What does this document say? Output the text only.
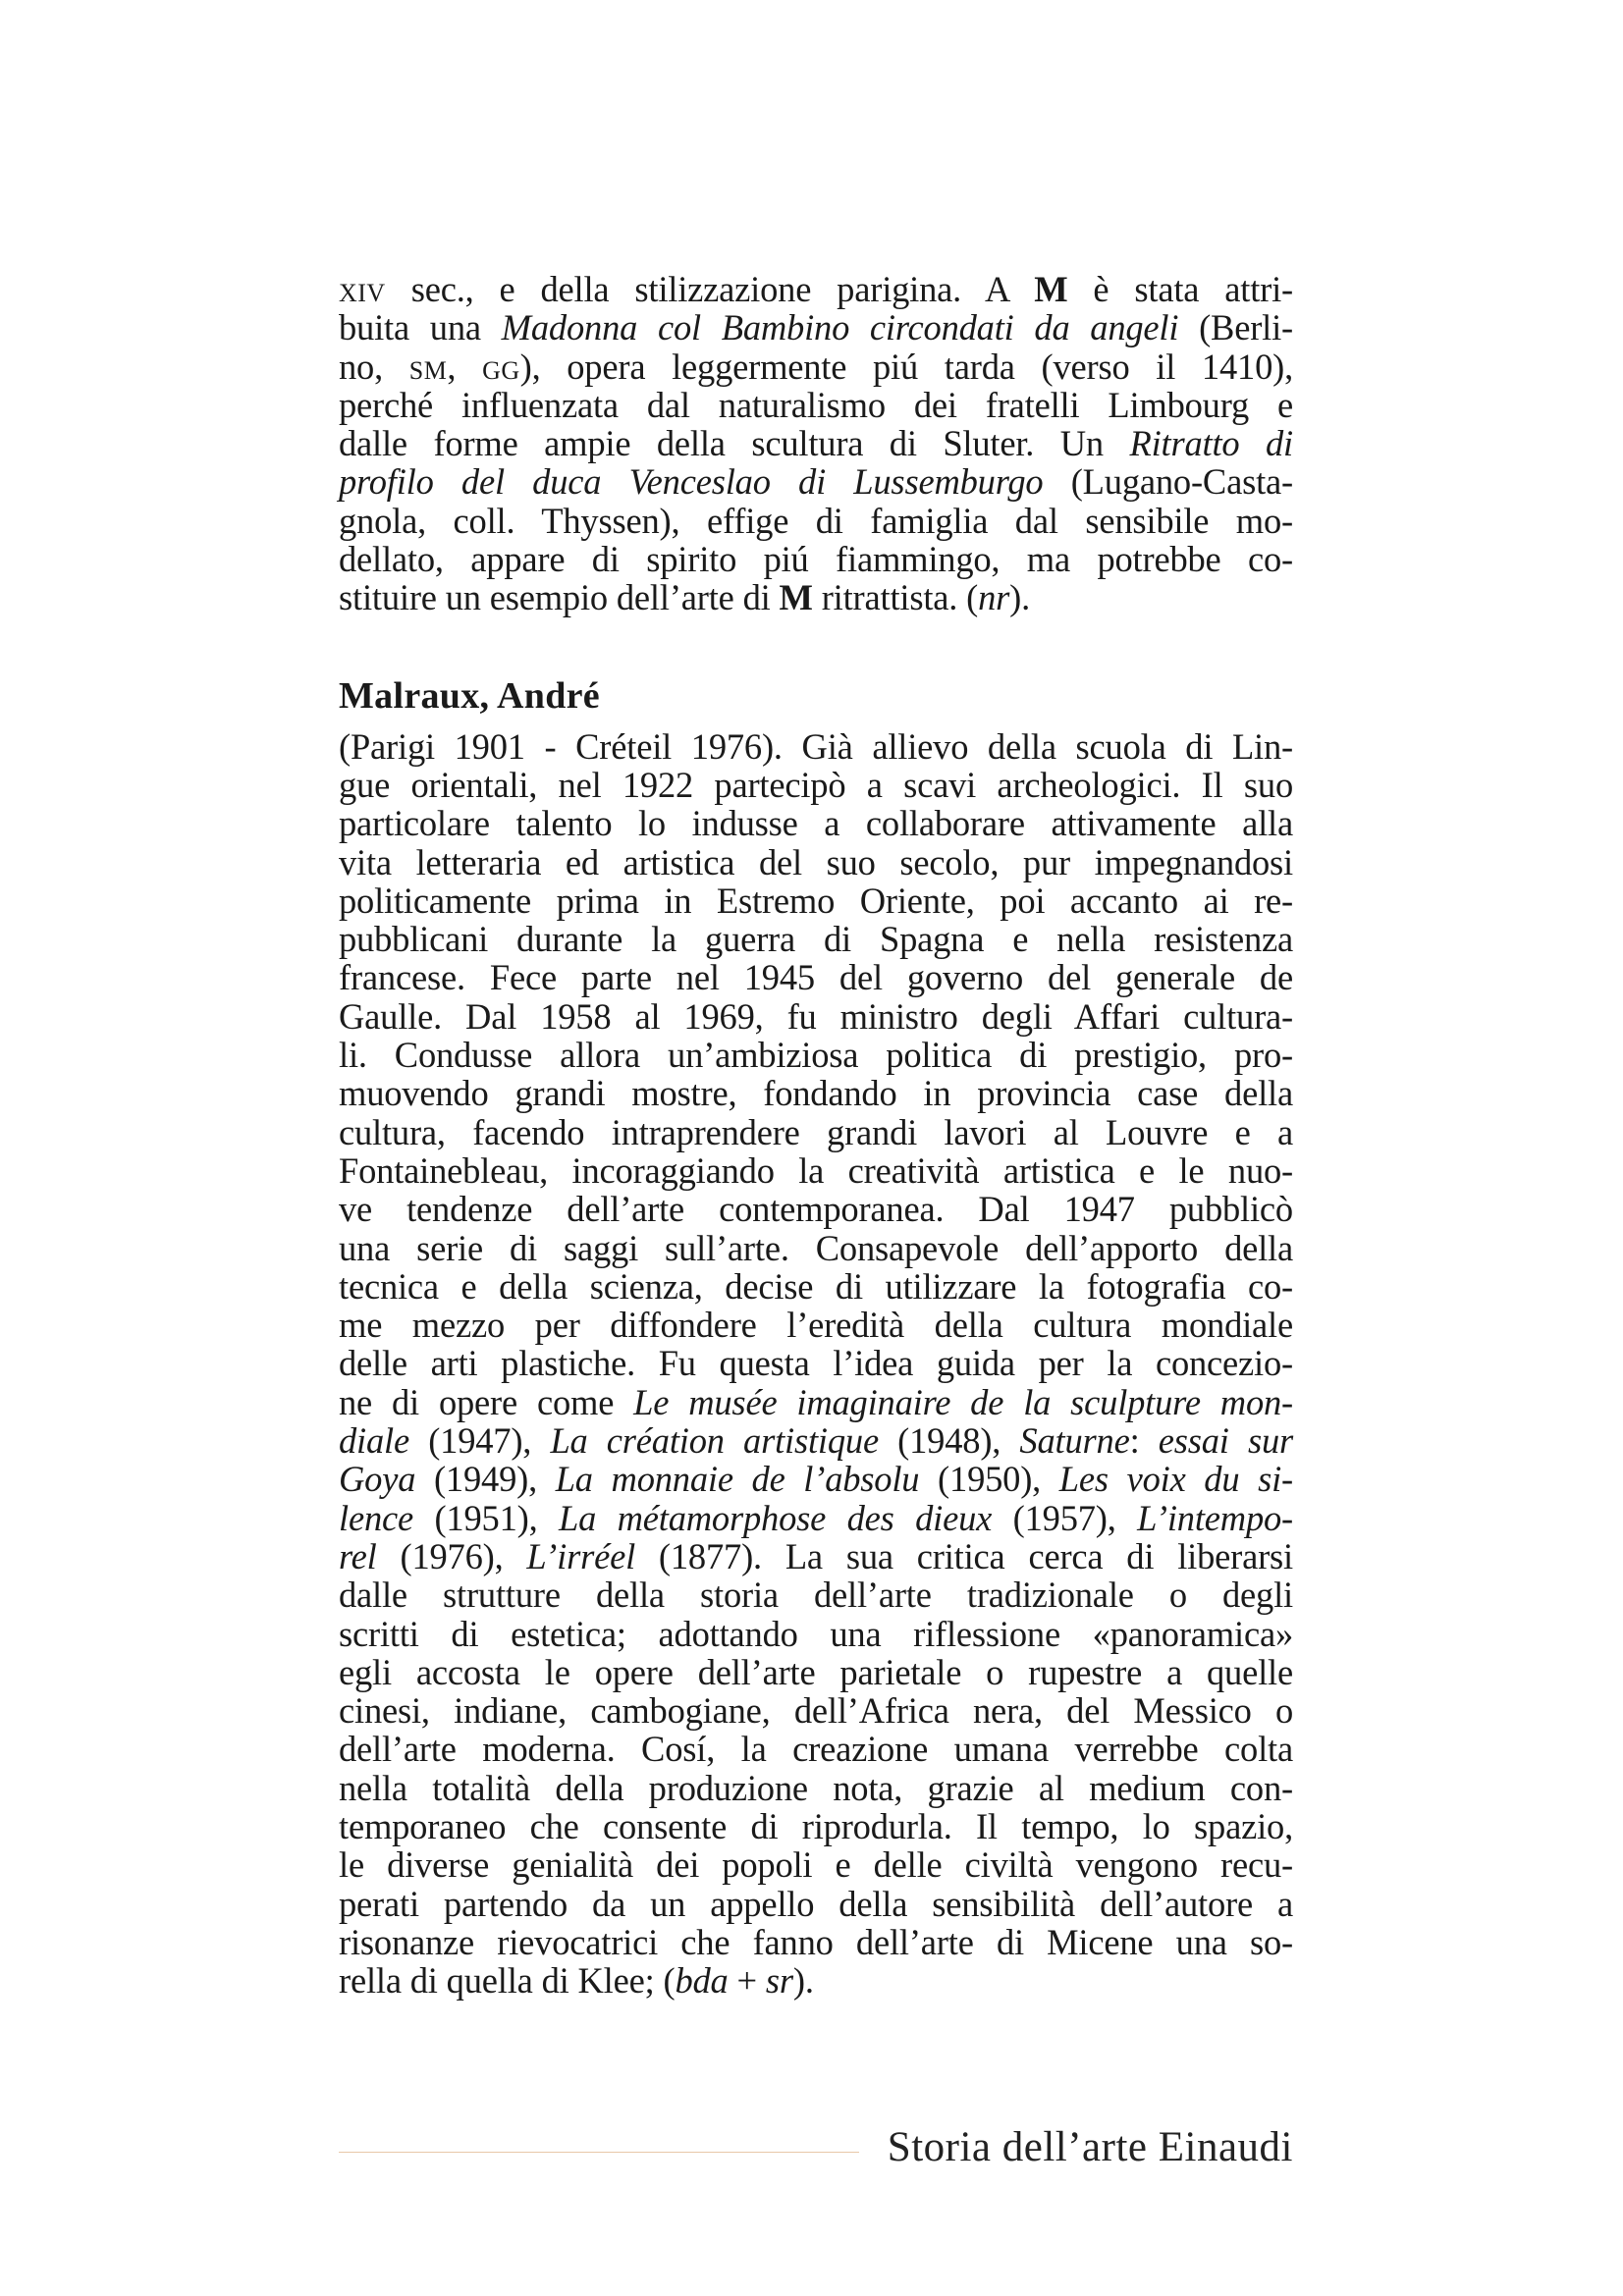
xiv sec., e della stilizzazione parigina. A M è stata attri-
buita una Madonna col Bambino circondati da angeli (Berli-
no, sm, gg), opera leggermente piú tarda (verso il 1410),
perché influenzata dal naturalismo dei fratelli Limbourg e
dalle forme ampie della scultura di Sluter. Un Ritratto di
profilo del duca Venceslao di Lussemburgo (Lugano-Casta-
gnola, coll. Thyssen), effige di famiglia dal sensibile mo-
dellato, appare di spirito piú fiammingo, ma potrebbe co-
stituire un esempio dell’arte di M ritrattista. (nr).

Malraux, André

(Parigi 1901 - Créteil 1976). Già allievo della scuola di Lin-
gue orientali, nel 1922 partecipò a scavi archeologici. Il suo
particolare talento lo indusse a collaborare attivamente alla
vita letteraria ed artistica del suo secolo, pur impegnandosi
politicamente prima in Estremo Oriente, poi accanto ai re-
pubblicani durante la guerra di Spagna e nella resistenza
francese. Fece parte nel 1945 del governo del generale de
Gaulle. Dal 1958 al 1969, fu ministro degli Affari cultura-
li. Condusse allora un’ambiziosa politica di prestigio, pro-
muovendo grandi mostre, fondando in provincia case della
cultura, facendo intraprendere grandi lavori al Louvre e a
Fontainebleau, incoraggiando la creatività artistica e le nuo-
ve tendenze dell’arte contemporanea. Dal 1947 pubblicò
una serie di saggi sull’arte. Consapevole dell’apporto della
tecnica e della scienza, decise di utilizzare la fotografia co-
me mezzo per diffondere l’eredità della cultura mondiale
delle arti plastiche. Fu questa l’idea guida per la concezio-
ne di opere come Le musée imaginaire de la sculpture mon-
diale (1947), La création artistique (1948), Saturne: essai sur
Goya (1949), La monnaie de l’absolu (1950), Les voix du si-
lence (1951), La métamorphose des dieux (1957), L’intempo-
rel (1976), L’irréel (1877). La sua critica cerca di liberarsi
dalle strutture della storia dell’arte tradizionale o degli
scritti di estetica; adottando una riflessione «panoramica»
egli accosta le opere dell’arte parietale o rupestre a quelle
cinesi, indiane, cambogiane, dell’Africa nera, del Messico o
dell’arte moderna. Cosí, la creazione umana verrebbe colta
nella totalità della produzione nota, grazie al medium con-
temporaneo che consente di riprodurla. Il tempo, lo spazio,
le diverse genialità dei popoli e delle civiltà vengono recu-
perati partendo da un appello della sensibilità dell’autore a
risonanze rievocatrici che fanno dell’arte di Micene una so-
rella di quella di Klee; (bda + sr).

Storia dell’arte Einaudi
